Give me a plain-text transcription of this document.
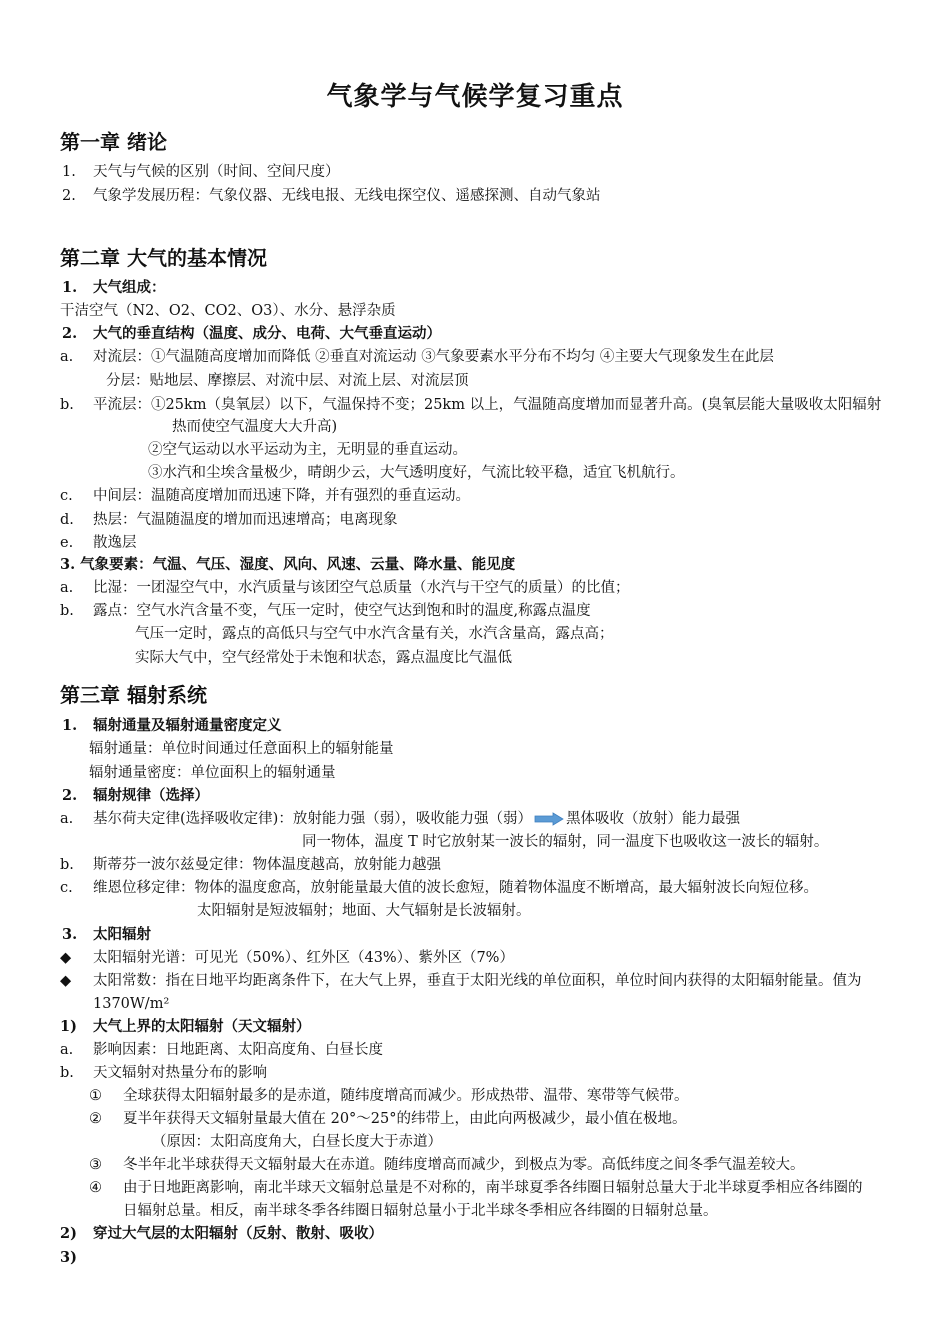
气象学与气候学复习重点
第一章 绪论
1. 天气与气候的区别（时间、空间尺度）
2. 气象学发展历程：气象仪器、无线电报、无线电探空仪、遥感探测、自动气象站
第二章 大气的基本情况
1. 大气组成：
干洁空气（N2、O2、CO2、O3）、水分、悬浮杂质
2. 大气的垂直结构（温度、成分、电荷、大气垂直运动）
a. 对流层：①气温随高度增加而降低 ②垂直对流运动 ③气象要素水平分布不均匀 ④主要大气现象发生在此层
分层：贴地层、摩擦层、对流中层、对流上层、对流层顶
b. 平流层：①25km（臭氧层）以下，气温保持不变；25km 以上，气温随高度增加而显著升高。(臭氧层能大量吸收太阳辐射
热而使空气温度大大升高)
②空气运动以水平运动为主，无明显的垂直运动。
③水汽和尘埃含量极少，晴朗少云，大气透明度好，气流比较平稳，适宜飞机航行。
c. 中间层：温随高度增加而迅速下降，并有强烈的垂直运动。
d. 热层：气温随温度的增加而迅速增高；电离现象
e. 散逸层
3. 气象要素：气温、气压、湿度、风向、风速、云量、降水量、能见度
a. 比湿：一团湿空气中，水汽质量与该团空气总质量（水汽与干空气的质量）的比值；
b. 露点：空气水汽含量不变，气压一定时，使空气达到饱和时的温度,称露点温度
气压一定时，露点的高低只与空气中水汽含量有关，水汽含量高，露点高；
实际大气中，空气经常处于未饱和状态，露点温度比气温低
第三章 辐射系统
1. 辐射通量及辐射通量密度定义
辐射通量：单位时间通过任意面积上的辐射能量
辐射通量密度：单位面积上的辐射通量
2. 辐射规律（选择）
a. 基尔荷夫定律(选择吸收定律)：放射能力强（弱），吸收能力强（弱） 黑体吸收（放射）能力最强
同一物体，温度 T 时它放射某一波长的辐射，同一温度下也吸收这一波长的辐射。
b. 斯蒂芬一波尔兹曼定律：物体温度越高，放射能力越强
c. 维恩位移定律：物体的温度愈高，放射能量最大值的波长愈短，随着物体温度不断增高，最大辐射波长向短位移。
太阳辐射是短波辐射；地面、大气辐射是长波辐射。
3. 太阳辐射
◆ 太阳辐射光谱：可见光（50%）、红外区（43%）、紫外区（7%）
◆ 太阳常数：指在日地平均距离条件下，在大气上界，垂直于太阳光线的单位面积，单位时间内获得的太阳辐射能量。值为
1370W/m²
1) 大气上界的太阳辐射（天文辐射）
a. 影响因素：日地距离、太阳高度角、白昼长度
b. 天文辐射对热量分布的影响
① 全球获得太阳辐射最多的是赤道，随纬度增高而减少。形成热带、温带、寒带等气候带。
② 夏半年获得天文辐射量最大值在 20°～25°的纬带上，由此向两极减少，最小值在极地。
（原因：太阳高度角大，白昼长度大于赤道）
③ 冬半年北半球获得天文辐射最大在赤道。随纬度增高而减少，到极点为零。高低纬度之间冬季气温差较大。
④ 由于日地距离影响，南北半球天文辐射总量是不对称的，南半球夏季各纬圈日辐射总量大于北半球夏季相应各纬圈的
日辐射总量。相反，南半球冬季各纬圈日辐射总量小于北半球冬季相应各纬圈的日辐射总量。
2) 穿过大气层的太阳辐射（反射、散射、吸收）
3)
